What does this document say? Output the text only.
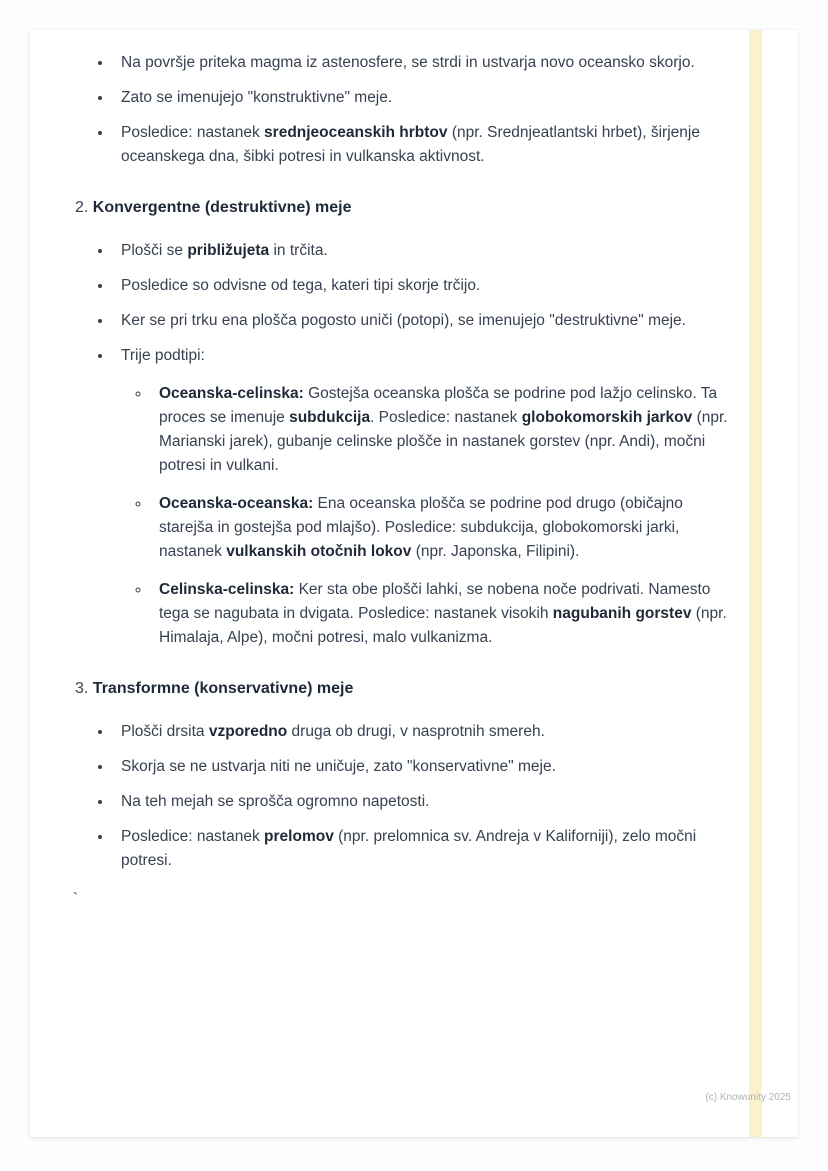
• Na površje priteka magma iz astenosfere, se strdi in ustvarja novo oceansko skorjo.
• Zato se imenujejo "konstruktivne" meje.
• Posledice: nastanek srednjeoceanskih hrbtov (npr. Srednjeatlantski hrbet), širjenje oceanskega dna, šibki potresi in vulkanska aktivnost.
2. Konvergentne (destruktivne) meje
• Plošči se približujeta in trčita.
• Posledice so odvisne od tega, kateri tipi skorje trčijo.
• Ker se pri trku ena plošča pogosto uniči (potopi), se imenujejo "destruktivne" meje.
• Trije podtipi:
◦ Oceanska-celinska: Gostejša oceanska plošča se podrine pod lažjo celinsko. Ta proces se imenuje subdukcija. Posledice: nastanek globokomorskih jarkov (npr. Marianski jarek), gubanje celinske plošče in nastanek gorstev (npr. Andi), močni potresi in vulkani.
◦ Oceanska-oceanska: Ena oceanska plošča se podrine pod drugo (običajno starejša in gostejša pod mlajšo). Posledice: subdukcija, globokomorski jarki, nastanek vulkanskih otočnih lokov (npr. Japonska, Filipini).
◦ Celinska-celinska: Ker sta obe plošči lahki, se nobena noče podrivati. Namesto tega se nagubata in dvigata. Posledice: nastanek visokih nagubanih gorstev (npr. Himalaja, Alpe), močni potresi, malo vulkanizma.
3. Transformne (konservativne) meje
• Plošči drsita vzporedno druga ob drugi, v nasprotnih smereh.
• Skorja se ne ustvarja niti ne uničuje, zato "konservativne" meje.
• Na teh mejah se sprošča ogromno napetosti.
• Posledice: nastanek prelomov (npr. prelomnica sv. Andreja v Kaliforniji), zelo močni potresi.
`
(c) Knowunity 2025
